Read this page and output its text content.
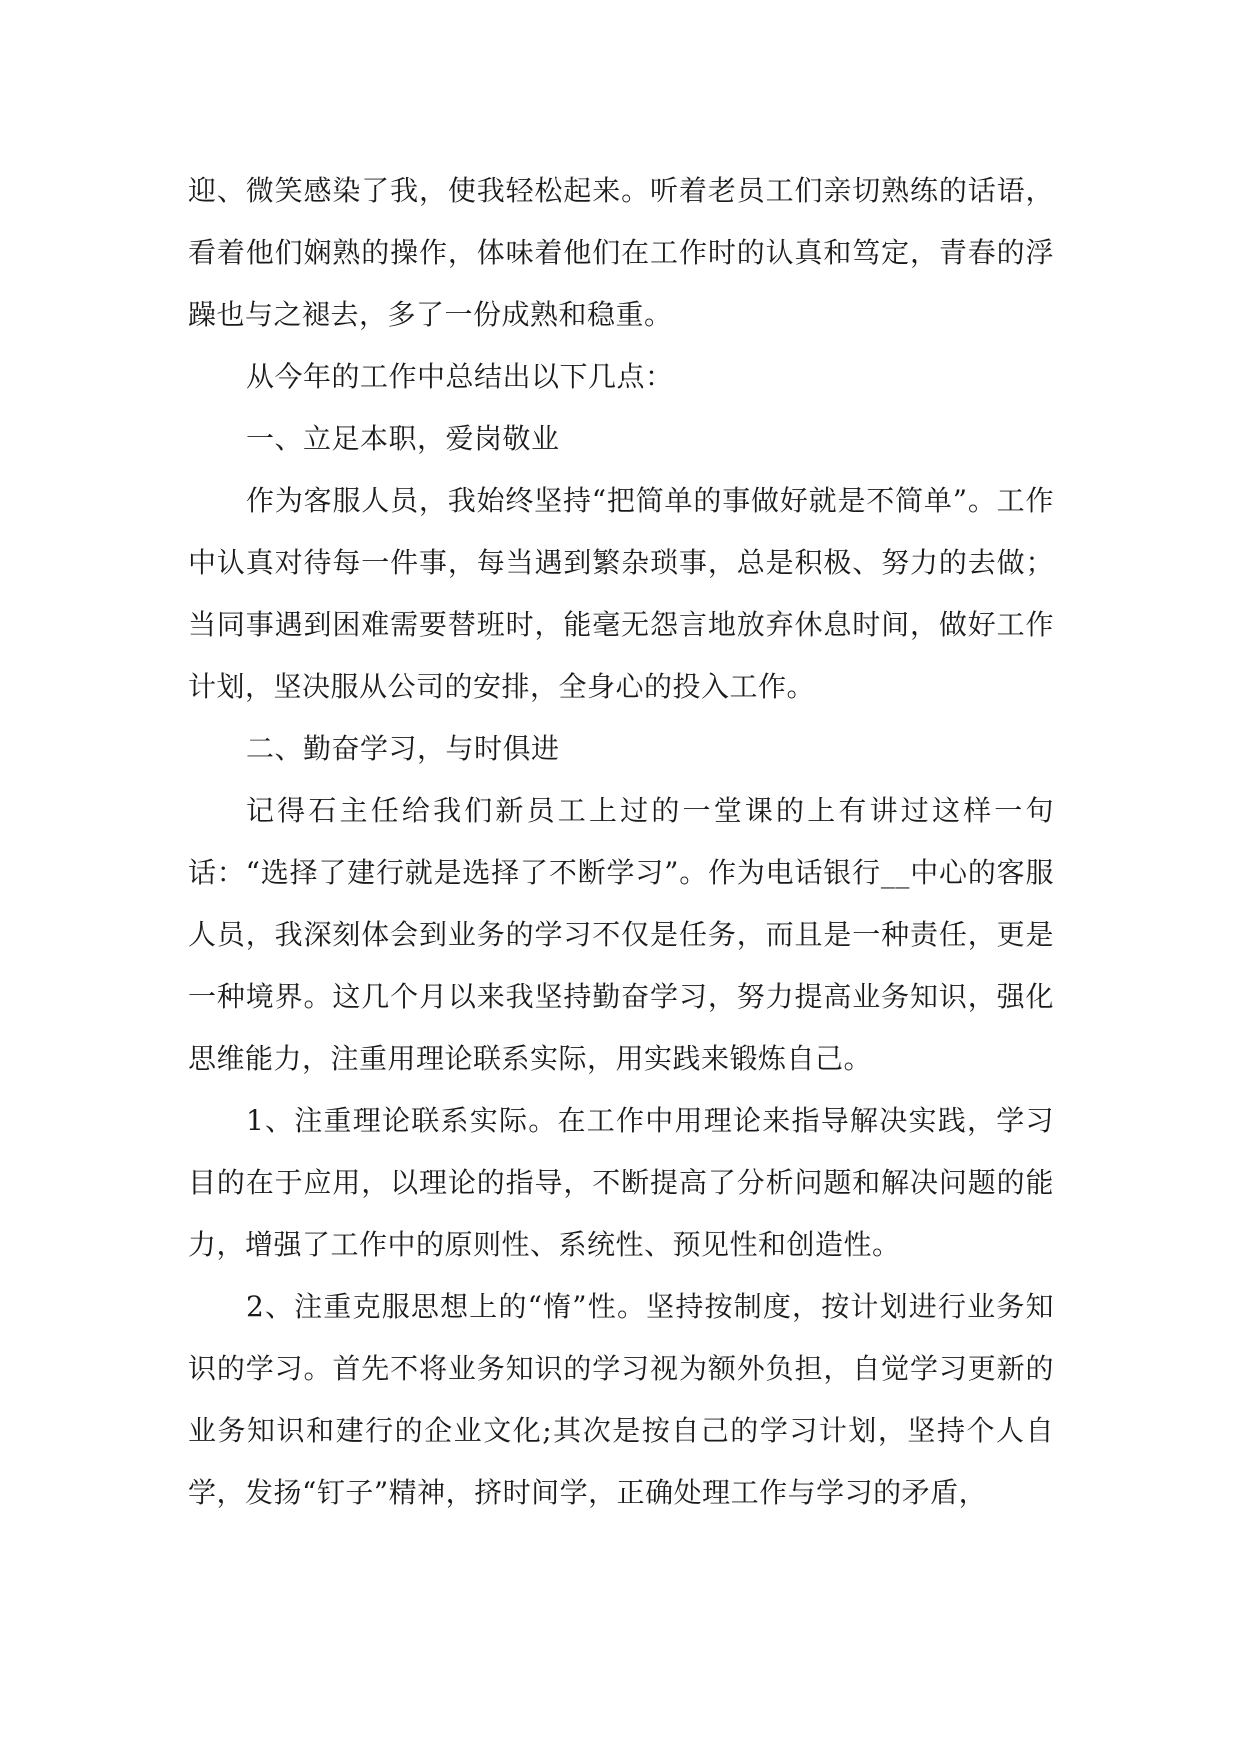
迎、微笑感染了我，使我轻松起来。听着老员工们亲切熟练的话语，看着他们娴熟的操作，体味着他们在工作时的认真和笃定，青春的浮躁也与之褪去，多了一份成熟和稳重。

从今年的工作中总结出以下几点：

一、立足本职，爱岗敬业

作为客服人员，我始终坚持“把简单的事做好就是不简单”。工作中认真对待每一件事，每当遇到繁杂琐事，总是积极、努力的去做；当同事遇到困难需要替班时，能毫无怨言地放弃休息时间，做好工作计划，坚决服从公司的安排，全身心的投入工作。

二、勤奋学习，与时俱进

记得石主任给我们新员工上过的一堂课的上有讲过这样一句话：“选择了建行就是选择了不断学习”。作为电话银行__中心的客服人员，我深刻体会到业务的学习不仅是任务，而且是一种责任，更是一种境界。这几个月以来我坚持勤奋学习，努力提高业务知识，强化思维能力，注重用理论联系实际，用实践来锻炼自己。

1、注重理论联系实际。在工作中用理论来指导解决实践，学习目的在于应用，以理论的指导，不断提高了分析问题和解决问题的能力，增强了工作中的原则性、系统性、预见性和创造性。

2、注重克服思想上的“惰”性。坚持按制度，按计划进行业务知识的学习。首先不将业务知识的学习视为额外负担，自觉学习更新的业务知识和建行的企业文化;其次是按自己的学习计划，坚持个人自学，发扬“钉子”精神，挤时间学，正确处理工作与学习的矛盾，
